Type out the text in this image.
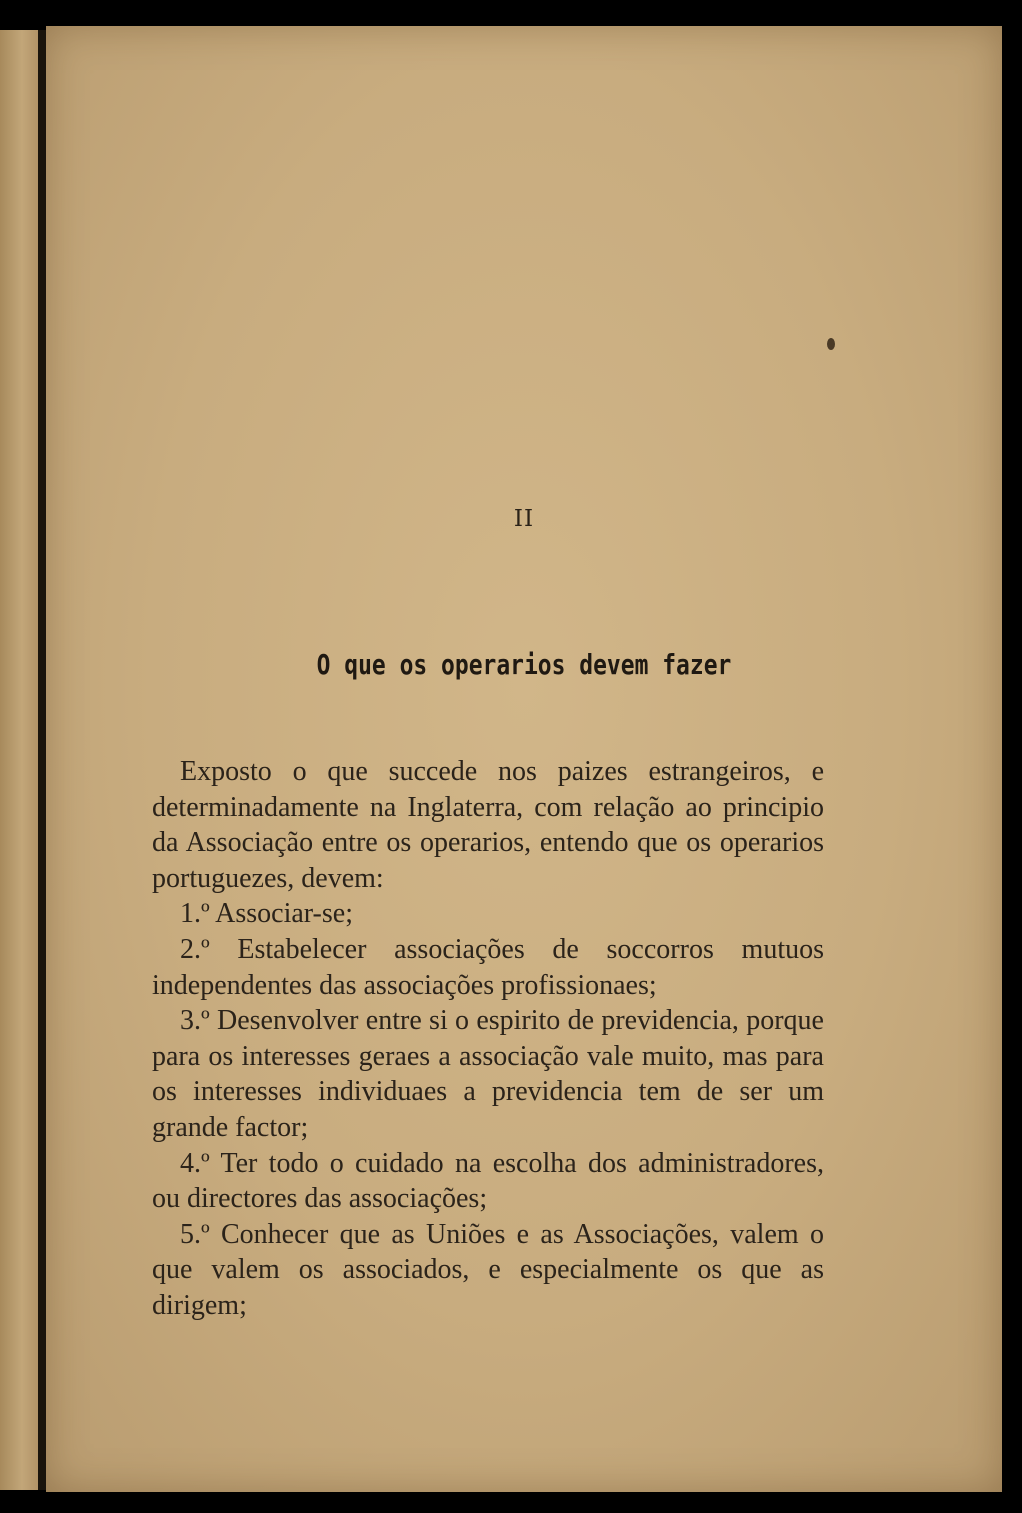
II
O que os operarios devem fazer

Exposto o que succede nos paizes estrangeiros, e determinadamente na Inglaterra, com relação ao principio da Associação entre os operarios, entendo que os operarios portuguezes, devem:

1.º Associar-se;

2.º Estabelecer associações de soccorros mutuos independentes das associações profissionaes;

3.º Desenvolver entre si o espirito de previdencia, porque para os interesses geraes a associação vale muito, mas para os interesses individuaes a previdencia tem de ser um grande factor;

4.º Ter todo o cuidado na escolha dos administradores, ou directores das associações;

5.º Conhecer que as Uniões e as Associações, valem o que valem os associados, e especialmente os que as dirigem;
